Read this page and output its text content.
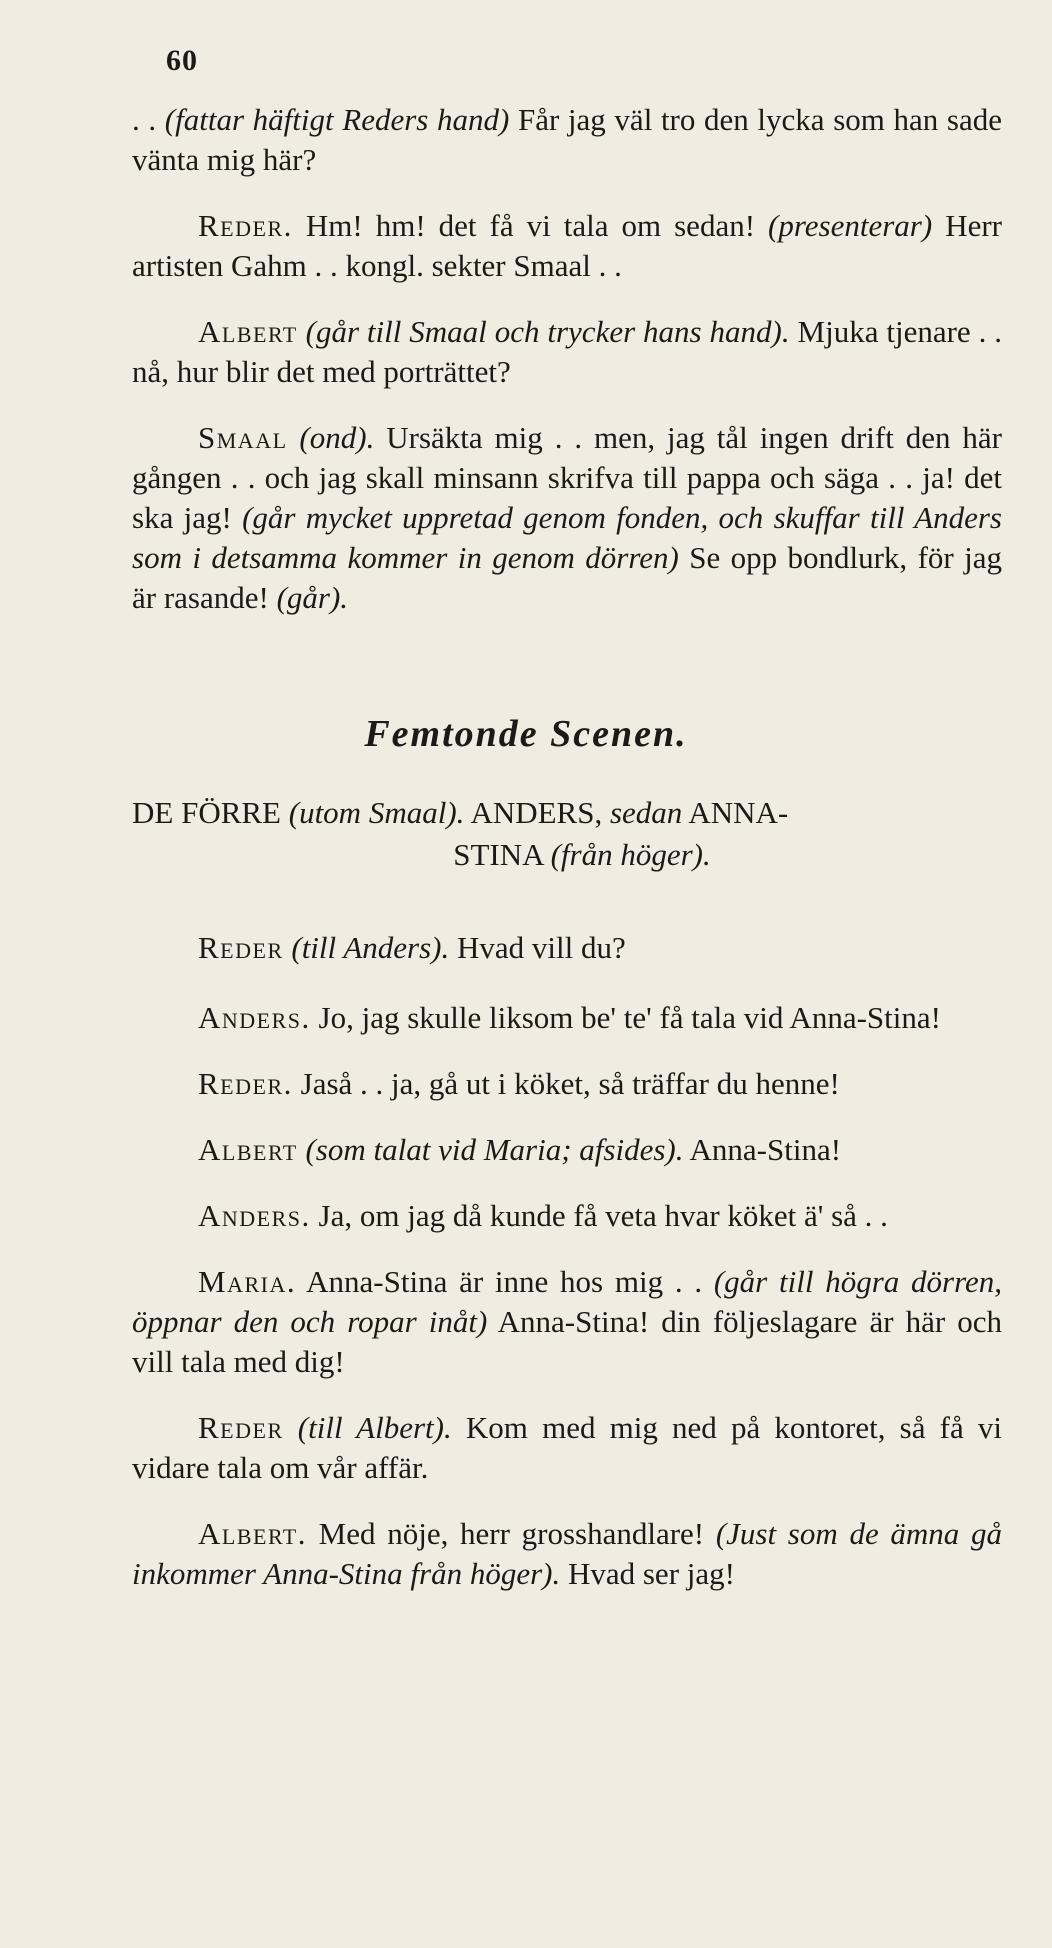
60

. . (fattar häftigt Reders hand) Får jag väl tro den lycka som han sade vänta mig här?

Reder. Hm! hm! det få vi tala om sedan! (presenterar) Herr artisten Gahm . . kongl. sekter Smaal . .

Albert (går till Smaal och trycker hans hand). Mjuka tjenare . . nå, hur blir det med porträttet?

Smaal (ond). Ursäkta mig . . men, jag tål ingen drift den här gången . . och jag skall minsann skrifva till pappa och säga . . ja! det ska jag! (går mycket uppretad genom fonden, och skuffar till Anders som i detsamma kommer in genom dörren) Se opp bondlurk, för jag är rasande! (går).

Femtonde Scenen.
DE FÖRRE (utom Smaal). ANDERS, sedan ANNA-
STINA (från höger).

Reder (till Anders). Hvad vill du?

Anders. Jo, jag skulle liksom be' te' få tala vid Anna-Stina!

Reder. Jaså . . ja, gå ut i köket, så träffar du henne!

Albert (som talat vid Maria; afsides). Anna-Stina!

Anders. Ja, om jag då kunde få veta hvar köket ä' så . .

Maria. Anna-Stina är inne hos mig . . (går till högra dörren, öppnar den och ropar inåt) Anna-Stina! din följeslagare är här och vill tala med dig!

Reder (till Albert). Kom med mig ned på kontoret, så få vi vidare tala om vår affär.

Albert. Med nöje, herr grosshandlare! (Just som de ämna gå inkommer Anna-Stina från höger). Hvad ser jag!
